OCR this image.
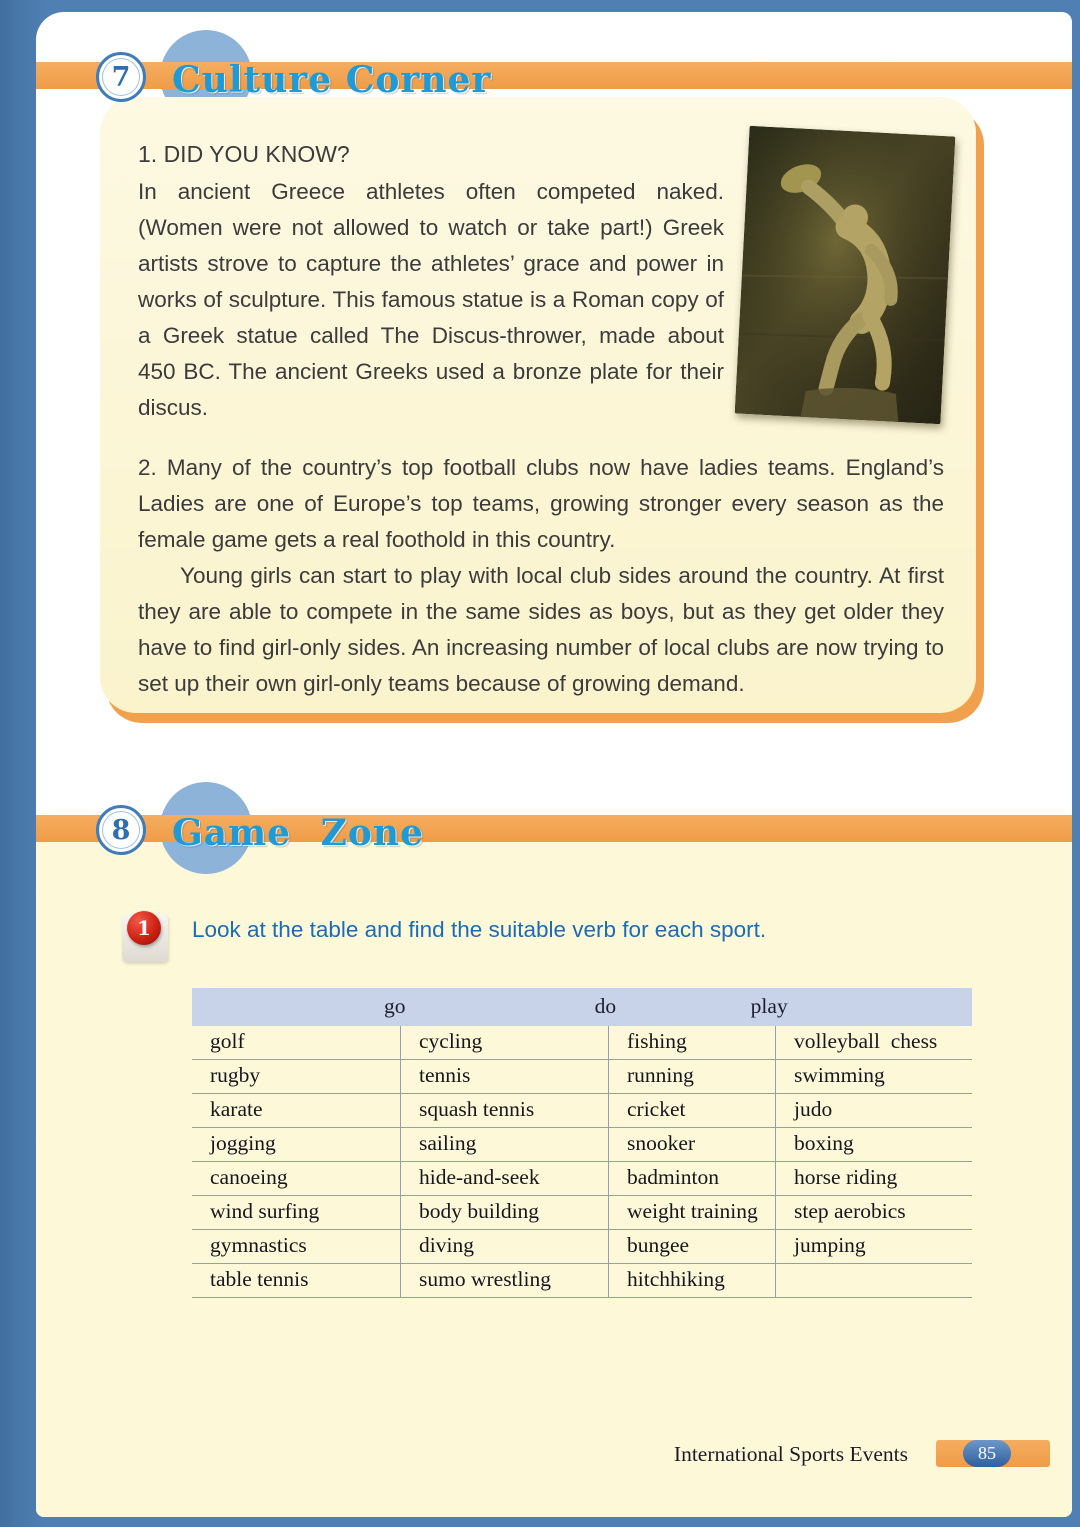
7	Culture Corner
1. DID YOU KNOW?
In ancient Greece athletes often competed naked. (Women were not allowed to watch or take part!) Greek artists strove to capture the athletes’ grace and power in works of sculpture. This famous statue is a Roman copy of a Greek statue called The Discus-thrower, made about 450 BC. The ancient Greeks used a bronze plate for their discus.
2. Many of the country’s top football clubs now have ladies teams. England’s Ladies are one of Europe’s top teams, growing stronger every season as the female game gets a real foothold in this country.
Young girls can start to play with local club sides around the country. At first they are able to compete in the same sides as boys, but as they get older they have to find girl-only sides. An increasing number of local clubs are now trying to set up their own girl-only teams because of growing demand.
8	Game Zone
1	Look at the table and find the suitable verb for each sport.
go	do	play
golf	cycling	fishing	volleyball  chess
rugby	tennis	running	swimming
karate	squash tennis	cricket	judo
jogging	sailing	snooker	boxing
canoeing	hide-and-seek	badminton	horse riding
wind surfing	body building	weight training	step aerobics
gymnastics	diving	bungee	jumping
table tennis	sumo wrestling	hitchhiking
International Sports Events	85
